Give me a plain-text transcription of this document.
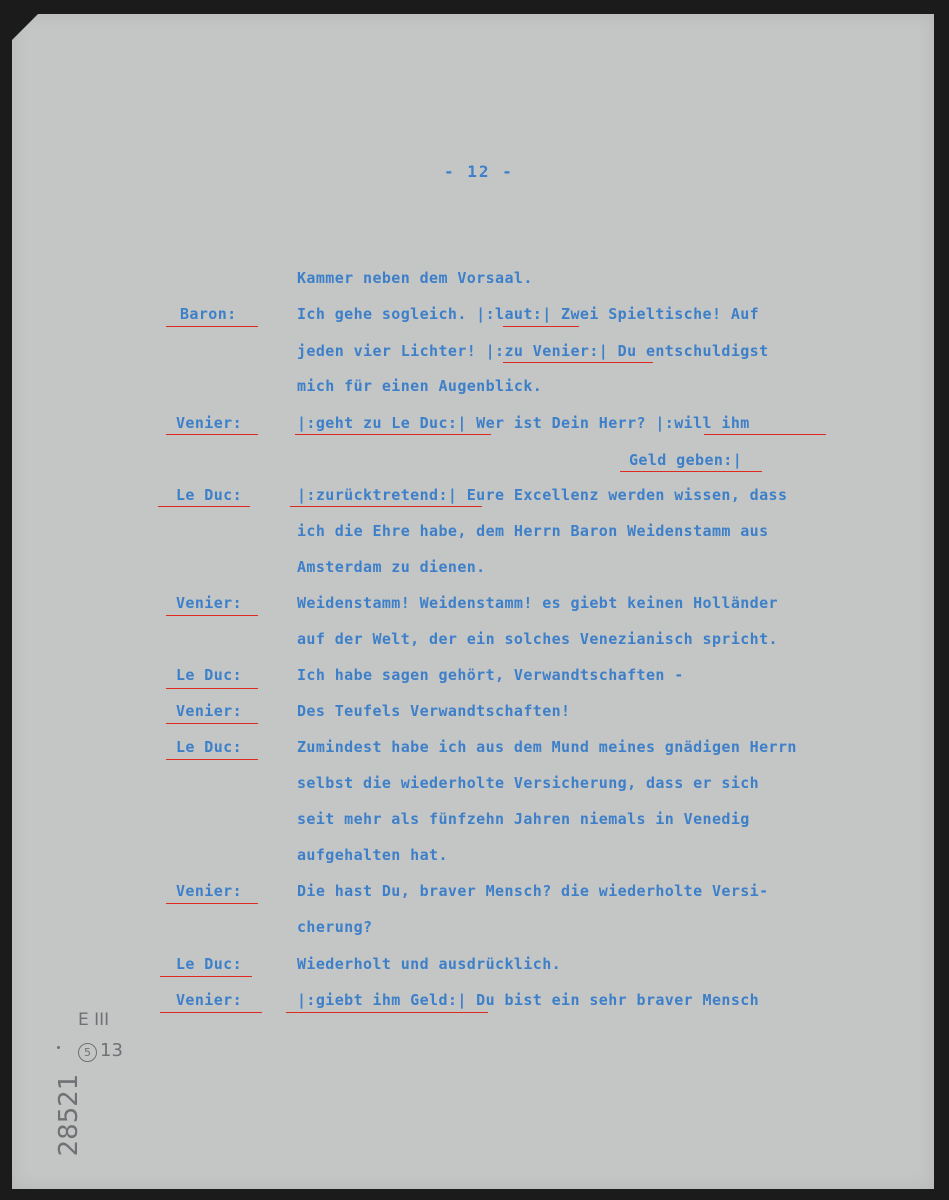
- 12 -
Baron:
Venier:
Le Duc:
Venier:
Le Duc:
Venier:
Le Duc:
Venier:
Le Duc:
Venier:
Kammer neben dem Vorsaal.
Ich gehe sogleich. |:laut:| Zwei Spieltische! Auf
jeden vier Lichter! |:zu Venier:| Du entschuldigst
mich für einen Augenblick.
|:geht zu Le Duc:| Wer ist Dein Herr? |:will ihm
Geld geben:|
|:zurücktretend:| Eure Excellenz werden wissen, dass
ich die Ehre habe, dem Herrn Baron Weidenstamm aus
Amsterdam zu dienen.
Weidenstamm! Weidenstamm! es giebt keinen Holländer
auf der Welt, der ein solches Venezianisch spricht.
Ich habe sagen gehört, Verwandtschaften -
Des Teufels Verwandtschaften!
Zumindest habe ich aus dem Mund meines gnädigen Herrn
selbst die wiederholte Versicherung, dass er sich
seit mehr als fünfzehn Jahren niemals in Venedig
aufgehalten hat.
Die hast Du, braver Mensch? die wiederholte Versi-
cherung?
Wiederholt und ausdrücklich.
|:giebt ihm Geld:| Du bist ein sehr braver Mensch
E III
5 13
28521
